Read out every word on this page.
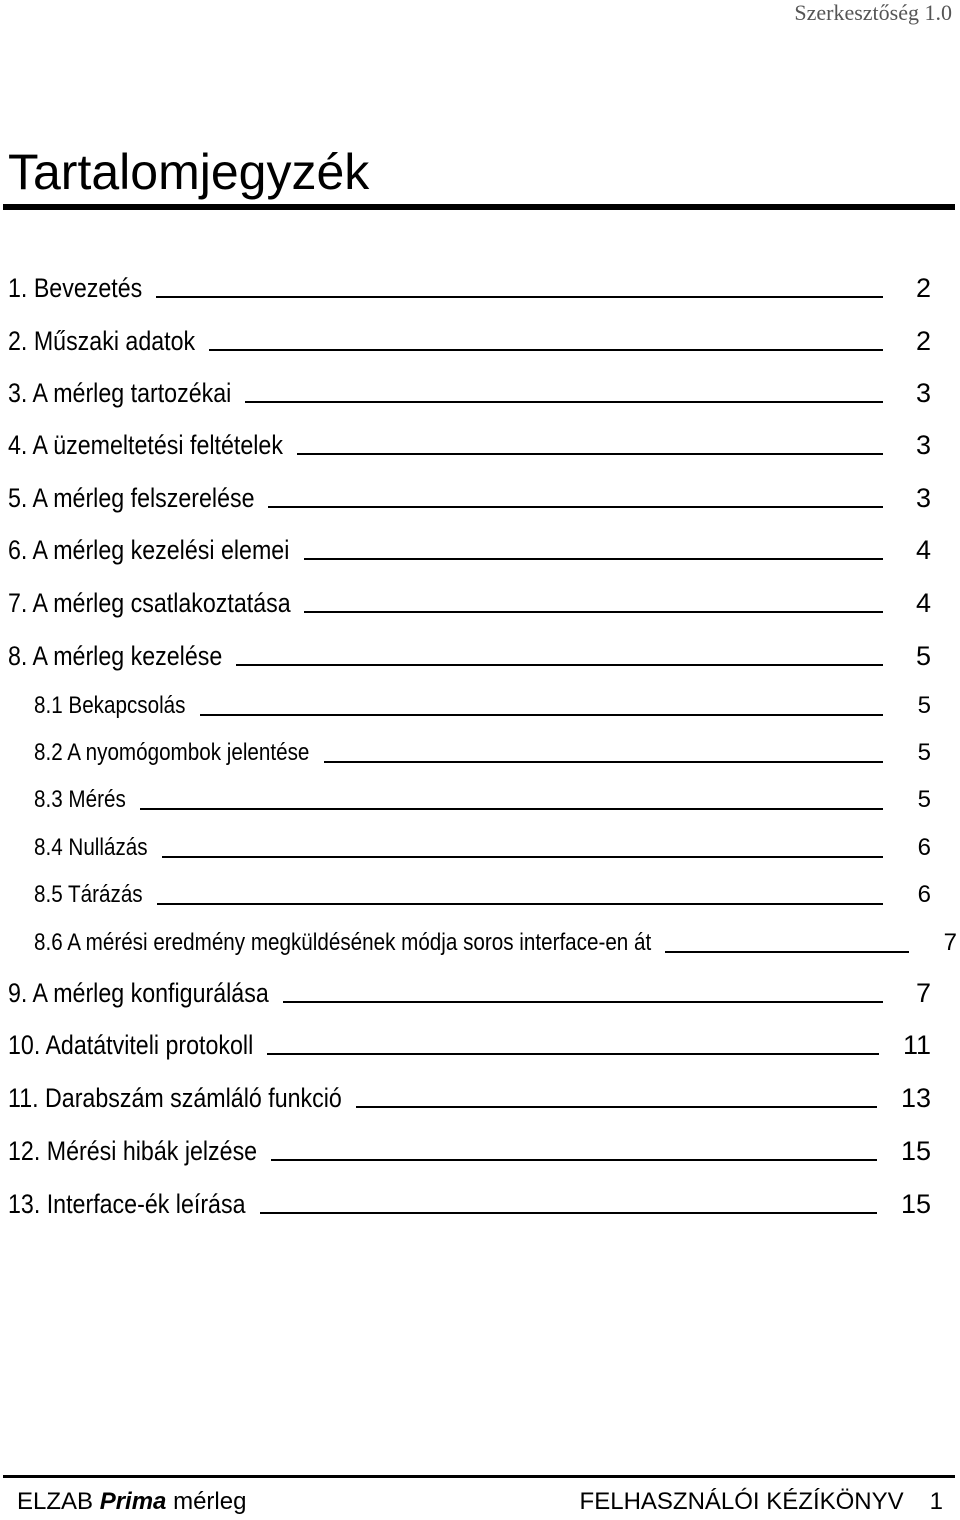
Szerkesztőség 1.0
Tartalomjegyzék
1. Bevezetés	2
2. Műszaki adatok	2
3. A mérleg tartozékai	3
4. A üzemeltetési feltételek	3
5. A mérleg felszerelése	3
6. A mérleg kezelési elemei	4
7. A mérleg csatlakoztatása	4
8. A mérleg kezelése	5
8.1 Bekapcsolás	5
8.2 A nyomógombok jelentése	5
8.3 Mérés	5
8.4 Nullázás	6
8.5 Tárázás	6
8.6 A mérési eredmény megküldésének módja soros interface-en át	7
9. A mérleg konfigurálása	7
10. Adatátviteli protokoll	11
11. Darabszám számláló funkció	13
12. Mérési hibák jelzése	15
13. Interface-ék leírása	15
ELZAB Prima mérleg	FELHASZNÁLÓI KÉZÍKÖNYV 1
